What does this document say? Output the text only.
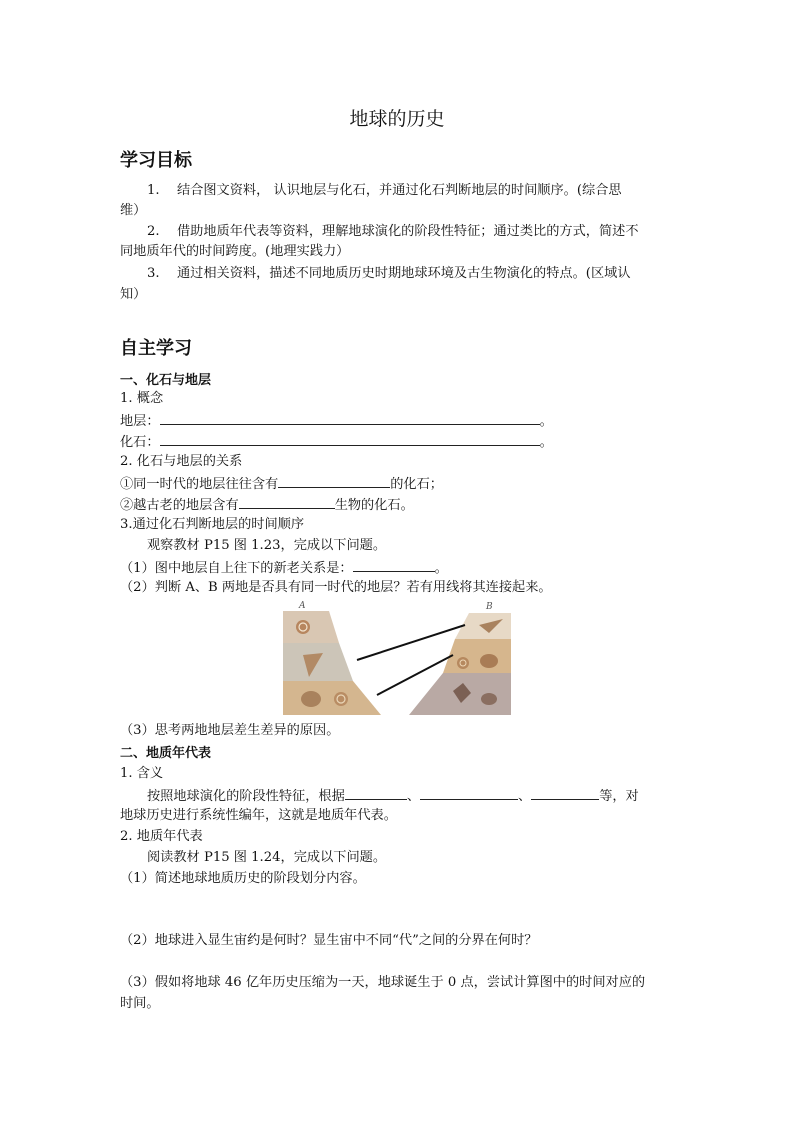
地球的历史
学习目标
1. 结合图文资料， 认识地层与化石，并通过化石判断地层的时间顺序。(综合思
维）
2. 借助地质年代表等资料，理解地球演化的阶段性特征；通过类比的方式，简述不
同地质年代的时间跨度。(地理实践力）
3. 通过相关资料，描述不同地质历史时期地球环境及古生物演化的特点。(区域认
知）
自主学习
一、化石与地层
1. 概念
地层：	。
化石：	。
2. 化石与地层的关系
①同一时代的地层往往含有	的化石；
②越古老的地层含有	生物的化石。
3.通过化石判断地层的时间顺序
观察教材 P15 图 1.23，完成以下问题。
（1）图中地层自上往下的新老关系是：	。
（2）判断 A、B 两地是否具有同一时代的地层？若有用线将其连接起来。
A	B
（3）思考两地地层差生差异的原因。
二、地质年代表
1. 含义
按照地球演化的阶段性特征，根据	、	、	等，对
地球历史进行系统性编年，这就是地质年代表。
2. 地质年代表
阅读教材 P15 图 1.24，完成以下问题。
（1）简述地球地质历史的阶段划分内容。
（2）地球进入显生宙约是何时？显生宙中不同“代”之间的分界在何时？
（3）假如将地球 46 亿年历史压缩为一天，地球诞生于 0 点，尝试计算图中的时间对应的
时间。
